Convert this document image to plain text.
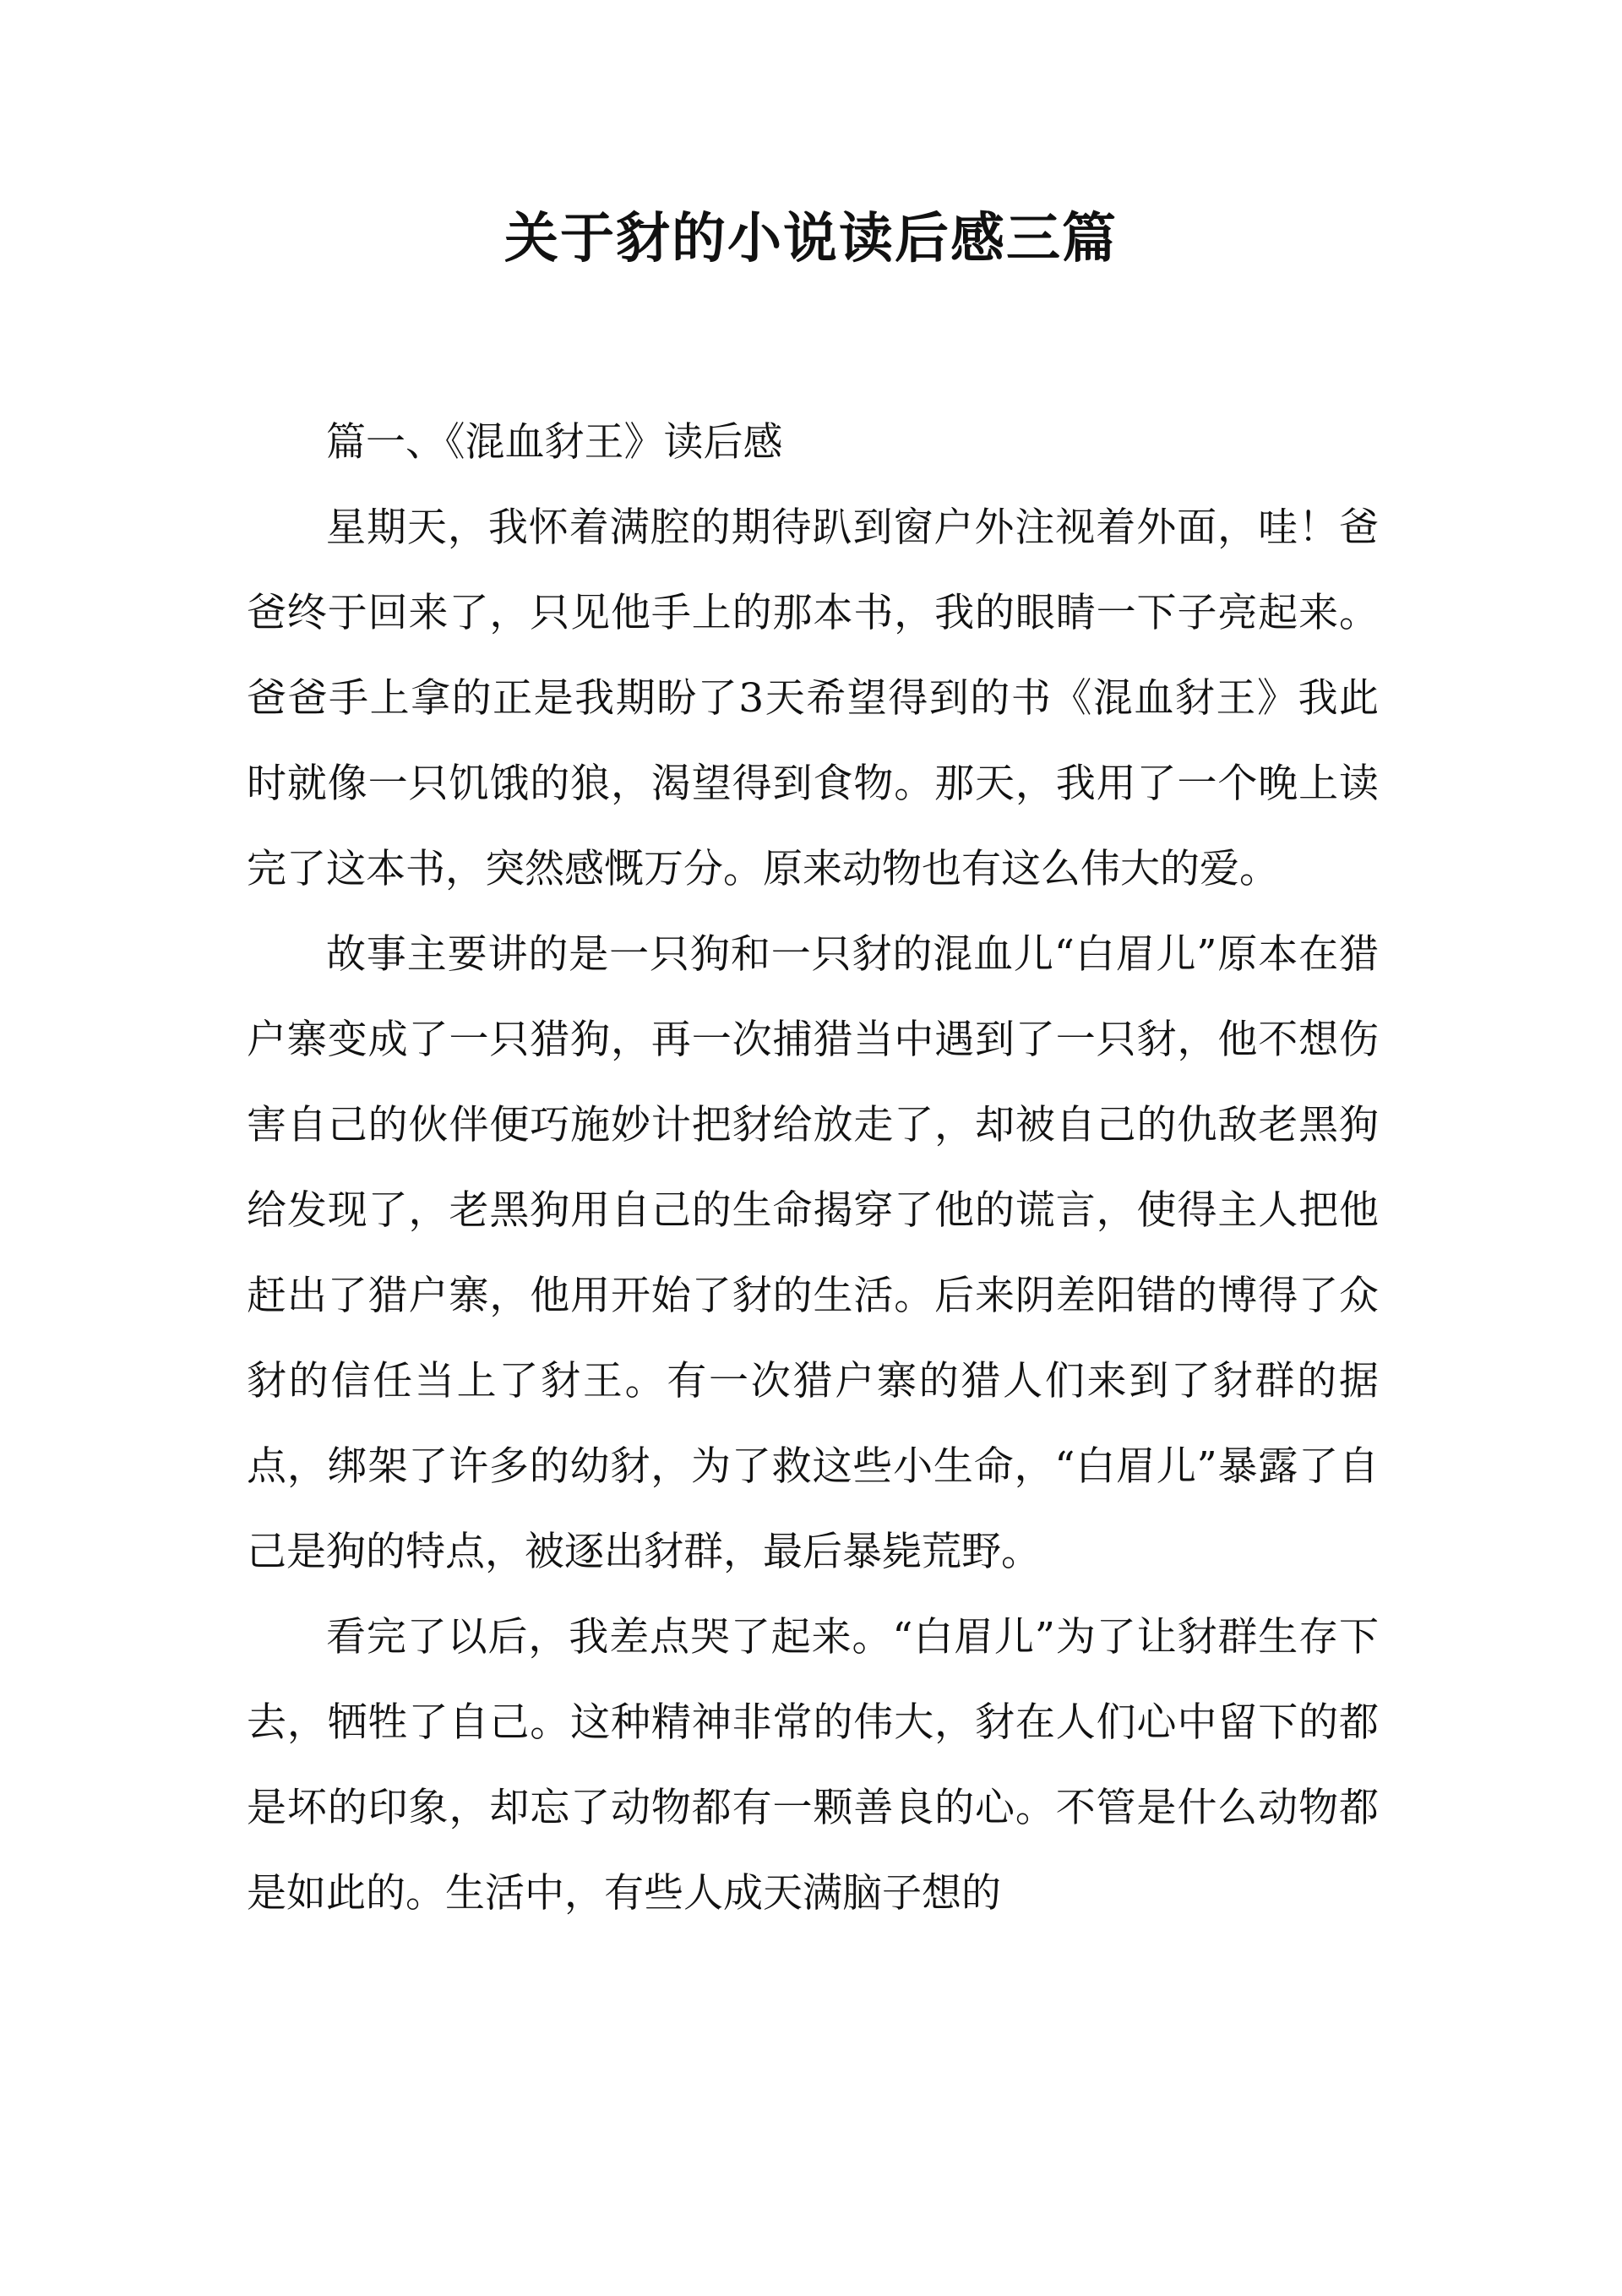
关于豺的小说读后感三篇

篇一、《混血豺王》读后感

星期天，我怀着满腔的期待趴到窗户外注视着外面，哇！爸爸终于回来了，只见他手上的那本书，我的眼睛一下子亮起来。爸爸手上拿的正是我期盼了3天希望得到的书《混血豺王》我此时就像一只饥饿的狼，渴望得到食物。那天，我用了一个晚上读完了这本书，突然感慨万分。原来动物也有这么伟大的爱。

故事主要讲的是一只狗和一只豺的混血儿“白眉儿”原本在猎户寨变成了一只猎狗，再一次捕猎当中遇到了一只豺，他不想伤害自己的伙伴便巧施妙计把豺给放走了，却被自己的仇敌老黑狗给发现了，老黑狗用自己的生命揭穿了他的谎言，使得主人把他赶出了猎户寨，他用开始了豺的生活。后来阴差阳错的博得了众豺的信任当上了豺王。有一次猎户寨的猎人们来到了豺群的据点，绑架了许多的幼豺，为了救这些小生命，“白眉儿”暴露了自己是狗的特点，被逐出豺群，最后暴毙荒野。

看完了以后，我差点哭了起来。“白眉儿”为了让豺群生存下去，牺牲了自己。这种精神非常的伟大，豺在人们心中留下的都是坏的印象，却忘了动物都有一颗善良的心。不管是什么动物都是如此的。生活中，有些人成天满脑子想的
